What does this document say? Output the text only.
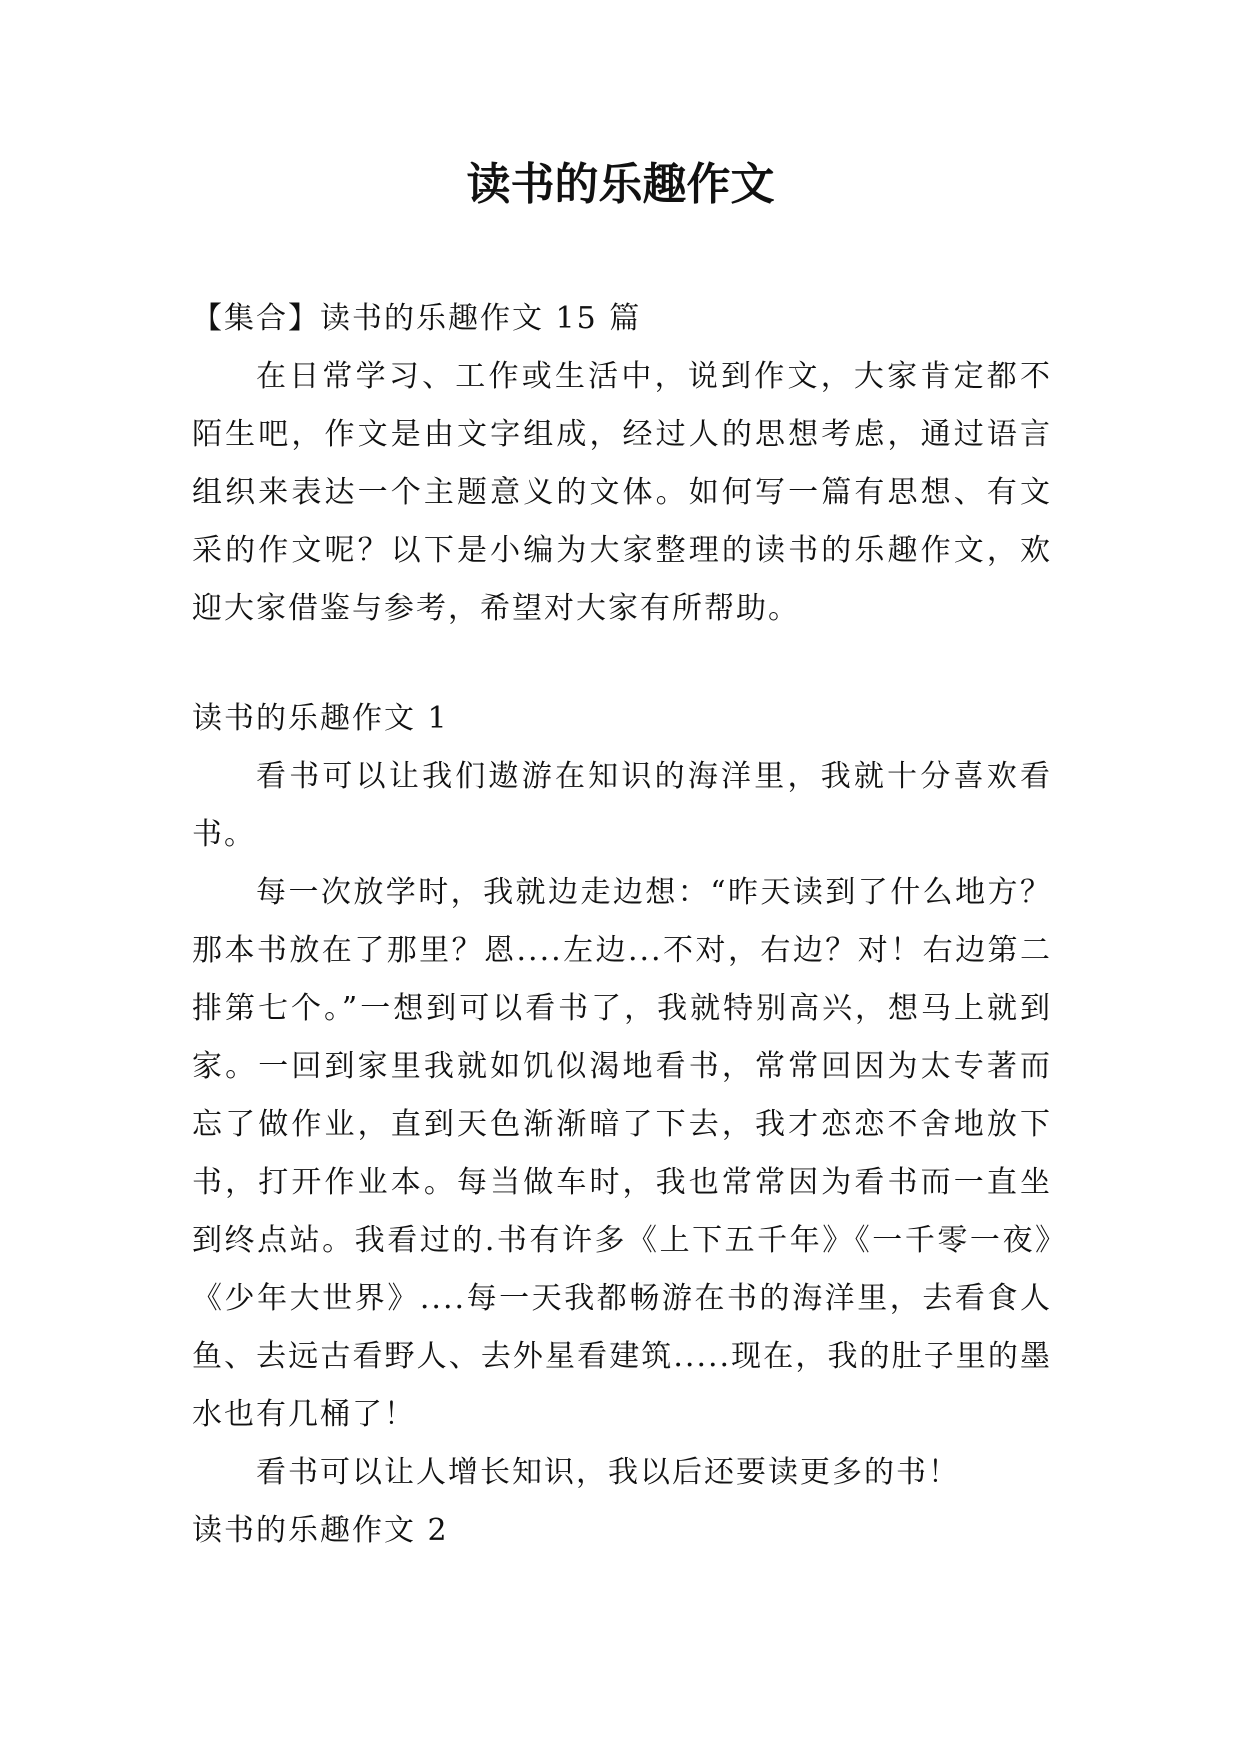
读书的乐趣作文

【集合】读书的乐趣作文 15 篇

在日常学习、工作或生活中，说到作文，大家肯定都不陌生吧，作文是由文字组成，经过人的思想考虑，通过语言组织来表达一个主题意义的文体。如何写一篇有思想、有文采的作文呢？以下是小编为大家整理的读书的乐趣作文，欢迎大家借鉴与参考，希望对大家有所帮助。

读书的乐趣作文 1

看书可以让我们遨游在知识的海洋里，我就十分喜欢看书。

每一次放学时，我就边走边想：“昨天读到了什么地方？那本书放在了那里？恩....左边...不对，右边？对！右边第二排第七个。”一想到可以看书了，我就特别高兴，想马上就到家。一回到家里我就如饥似渴地看书，常常回因为太专著而忘了做作业，直到天色渐渐暗了下去，我才恋恋不舍地放下书，打开作业本。每当做车时，我也常常因为看书而一直坐到终点站。我看过的.书有许多《上下五千年》《一千零一夜》《少年大世界》....每一天我都畅游在书的海洋里，去看食人鱼、去远古看野人、去外星看建筑.....现在，我的肚子里的墨水也有几桶了！

看书可以让人增长知识，我以后还要读更多的书！

读书的乐趣作文 2
